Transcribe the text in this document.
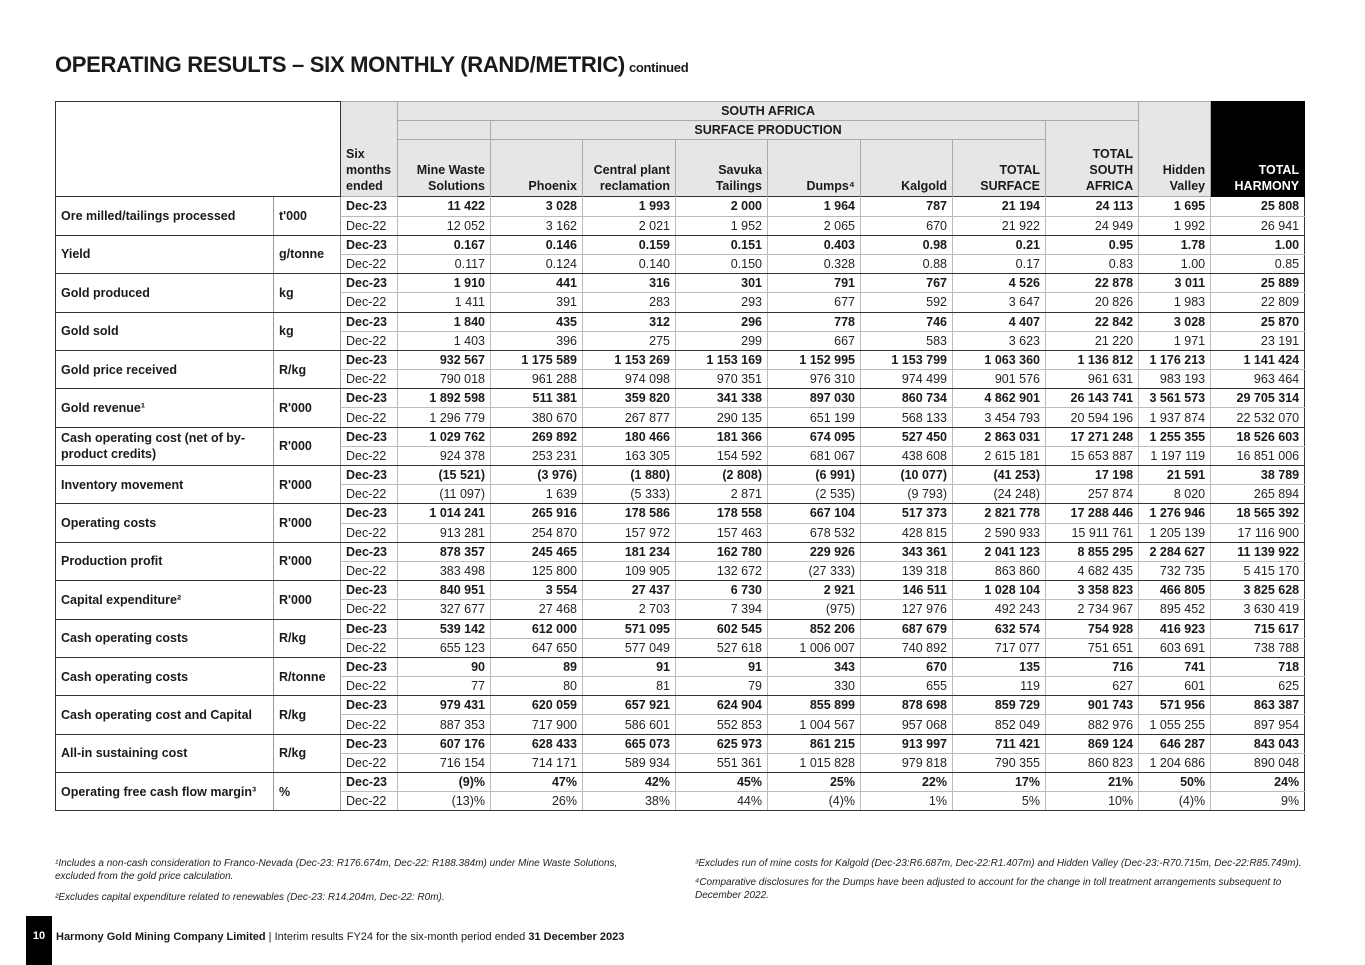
OPERATING RESULTS – SIX MONTHLY (RAND/METRIC) continued
		Six months ended	SOUTH AFRICA								Hidden Valley	TOTAL HARMONY
				SURFACE PRODUCTION								
			Mine Waste Solutions	Phoenix	Central plant reclamation	Savuka Tailings	Dumps⁴	Kalgold	TOTAL SURFACE	TOTAL SOUTH AFRICA		
Ore milled/tailings processed	t'000	Dec-23	11 422	3 028	1 993	2 000	1 964	787	21 194	24 113	1 695	25 808
		Dec-22	12 052	3 162	2 021	1 952	2 065	670	21 922	24 949	1 992	26 941
Yield	g/tonne	Dec-23	0.167	0.146	0.159	0.151	0.403	0.98	0.21	0.95	1.78	1.00
		Dec-22	0.117	0.124	0.140	0.150	0.328	0.88	0.17	0.83	1.00	0.85
Gold produced	kg	Dec-23	1 910	441	316	301	791	767	4 526	22 878	3 011	25 889
		Dec-22	1 411	391	283	293	677	592	3 647	20 826	1 983	22 809
Gold sold	kg	Dec-23	1 840	435	312	296	778	746	4 407	22 842	3 028	25 870
		Dec-22	1 403	396	275	299	667	583	3 623	21 220	1 971	23 191
Gold price received	R/kg	Dec-23	932 567	1 175 589	1 153 269	1 153 169	1 152 995	1 153 799	1 063 360	1 136 812	1 176 213	1 141 424
		Dec-22	790 018	961 288	974 098	970 351	976 310	974 499	901 576	961 631	983 193	963 464
Gold revenue¹	R'000	Dec-23	1 892 598	511 381	359 820	341 338	897 030	860 734	4 862 901	26 143 741	3 561 573	29 705 314
		Dec-22	1 296 779	380 670	267 877	290 135	651 199	568 133	3 454 793	20 594 196	1 937 874	22 532 070
Cash operating cost (net of by-product credits)	R'000	Dec-23	1 029 762	269 892	180 466	181 366	674 095	527 450	2 863 031	17 271 248	1 255 355	18 526 603
		Dec-22	924 378	253 231	163 305	154 592	681 067	438 608	2 615 181	15 653 887	1 197 119	16 851 006
Inventory movement	R'000	Dec-23	(15 521)	(3 976)	(1 880)	(2 808)	(6 991)	(10 077)	(41 253)	17 198	21 591	38 789
		Dec-22	(11 097)	1 639	(5 333)	2 871	(2 535)	(9 793)	(24 248)	257 874	8 020	265 894
Operating costs	R'000	Dec-23	1 014 241	265 916	178 586	178 558	667 104	517 373	2 821 778	17 288 446	1 276 946	18 565 392
		Dec-22	913 281	254 870	157 972	157 463	678 532	428 815	2 590 933	15 911 761	1 205 139	17 116 900
Production profit	R'000	Dec-23	878 357	245 465	181 234	162 780	229 926	343 361	2 041 123	8 855 295	2 284 627	11 139 922
		Dec-22	383 498	125 800	109 905	132 672	(27 333)	139 318	863 860	4 682 435	732 735	5 415 170
Capital expenditure²	R'000	Dec-23	840 951	3 554	27 437	6 730	2 921	146 511	1 028 104	3 358 823	466 805	3 825 628
		Dec-22	327 677	27 468	2 703	7 394	(975)	127 976	492 243	2 734 967	895 452	3 630 419
Cash operating costs	R/kg	Dec-23	539 142	612 000	571 095	602 545	852 206	687 679	632 574	754 928	416 923	715 617
		Dec-22	655 123	647 650	577 049	527 618	1 006 007	740 892	717 077	751 651	603 691	738 788
Cash operating costs	R/tonne	Dec-23	90	89	91	91	343	670	135	716	741	718
		Dec-22	77	80	81	79	330	655	119	627	601	625
Cash operating cost and Capital	R/kg	Dec-23	979 431	620 059	657 921	624 904	855 899	878 698	859 729	901 743	571 956	863 387
		Dec-22	887 353	717 900	586 601	552 853	1 004 567	957 068	852 049	882 976	1 055 255	897 954
All-in sustaining cost	R/kg	Dec-23	607 176	628 433	665 073	625 973	861 215	913 997	711 421	869 124	646 287	843 043
		Dec-22	716 154	714 171	589 934	551 361	1 015 828	979 818	790 355	860 823	1 204 686	890 048
Operating free cash flow margin³	%	Dec-23	(9)%	47%	42%	45%	25%	22%	17%	21%	50%	24%
		Dec-22	(13)%	26%	38%	44%	(4)%	1%	5%	10%	(4)%	9%
¹Includes a non-cash consideration to Franco-Nevada (Dec-23: R176.674m, Dec-22: R188.384m) under Mine Waste Solutions, excluded from the gold price calculation.
²Excludes capital expenditure related to renewables (Dec-23: R14.204m, Dec-22: R0m).
³Excludes run of mine costs for Kalgold (Dec-23:R6.687m, Dec-22:R1.407m) and Hidden Valley (Dec-23:-R70.715m, Dec-22:R85.749m).
⁴Comparative disclosures for the Dumps have been adjusted to account for the change in toll treatment arrangements subsequent to December 2022.
10 Harmony Gold Mining Company Limited | Interim results FY24 for the six-month period ended 31 December 2023
